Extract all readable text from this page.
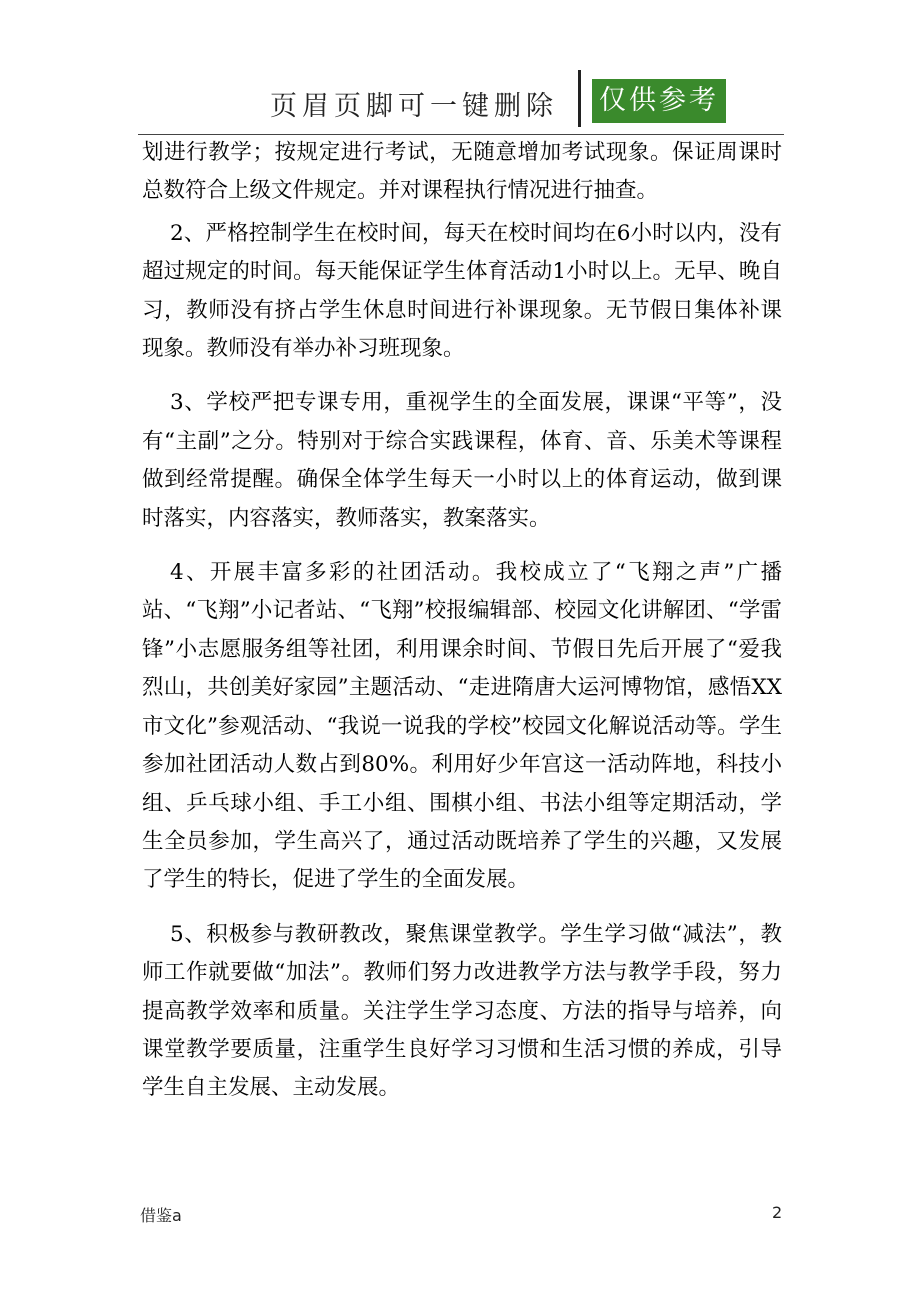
页眉页脚可一键删除 仅供参考

划进行教学；按规定进行考试，无随意增加考试现象。保证周课时总数符合上级文件规定。并对课程执行情况进行抽查。

2、严格控制学生在校时间，每天在校时间均在6小时以内，没有超过规定的时间。每天能保证学生体育活动1小时以上。无早、晚自习，教师没有挤占学生休息时间进行补课现象。无节假日集体补课现象。教师没有举办补习班现象。

3、学校严把专课专用，重视学生的全面发展，课课“平等”，没有“主副”之分。特别对于综合实践课程，体育、音、乐美术等课程做到经常提醒。确保全体学生每天一小时以上的体育运动，做到课时落实，内容落实，教师落实，教案落实。

4、开展丰富多彩的社团活动。我校成立了“飞翔之声”广播站、“飞翔”小记者站、“飞翔”校报编辑部、校园文化讲解团、“学雷锋”小志愿服务组等社团，利用课余时间、节假日先后开展了“爱我烈山，共创美好家园”主题活动、“走进隋唐大运河博物馆，感悟XX市文化”参观活动、“我说一说我的学校”校园文化解说活动等。学生参加社团活动人数占到80%。利用好少年宫这一活动阵地，科技小组、乒乓球小组、手工小组、围棋小组、书法小组等定期活动，学生全员参加，学生高兴了，通过活动既培养了学生的兴趣，又发展了学生的特长，促进了学生的全面发展。

5、积极参与教研教改，聚焦课堂教学。学生学习做“减法”，教师工作就要做“加法”。教师们努力改进教学方法与教学手段，努力提高教学效率和质量。关注学生学习态度、方法的指导与培养，向课堂教学要质量，注重学生良好学习习惯和生活习惯的养成，引导学生自主发展、主动发展。

借鉴a	2
